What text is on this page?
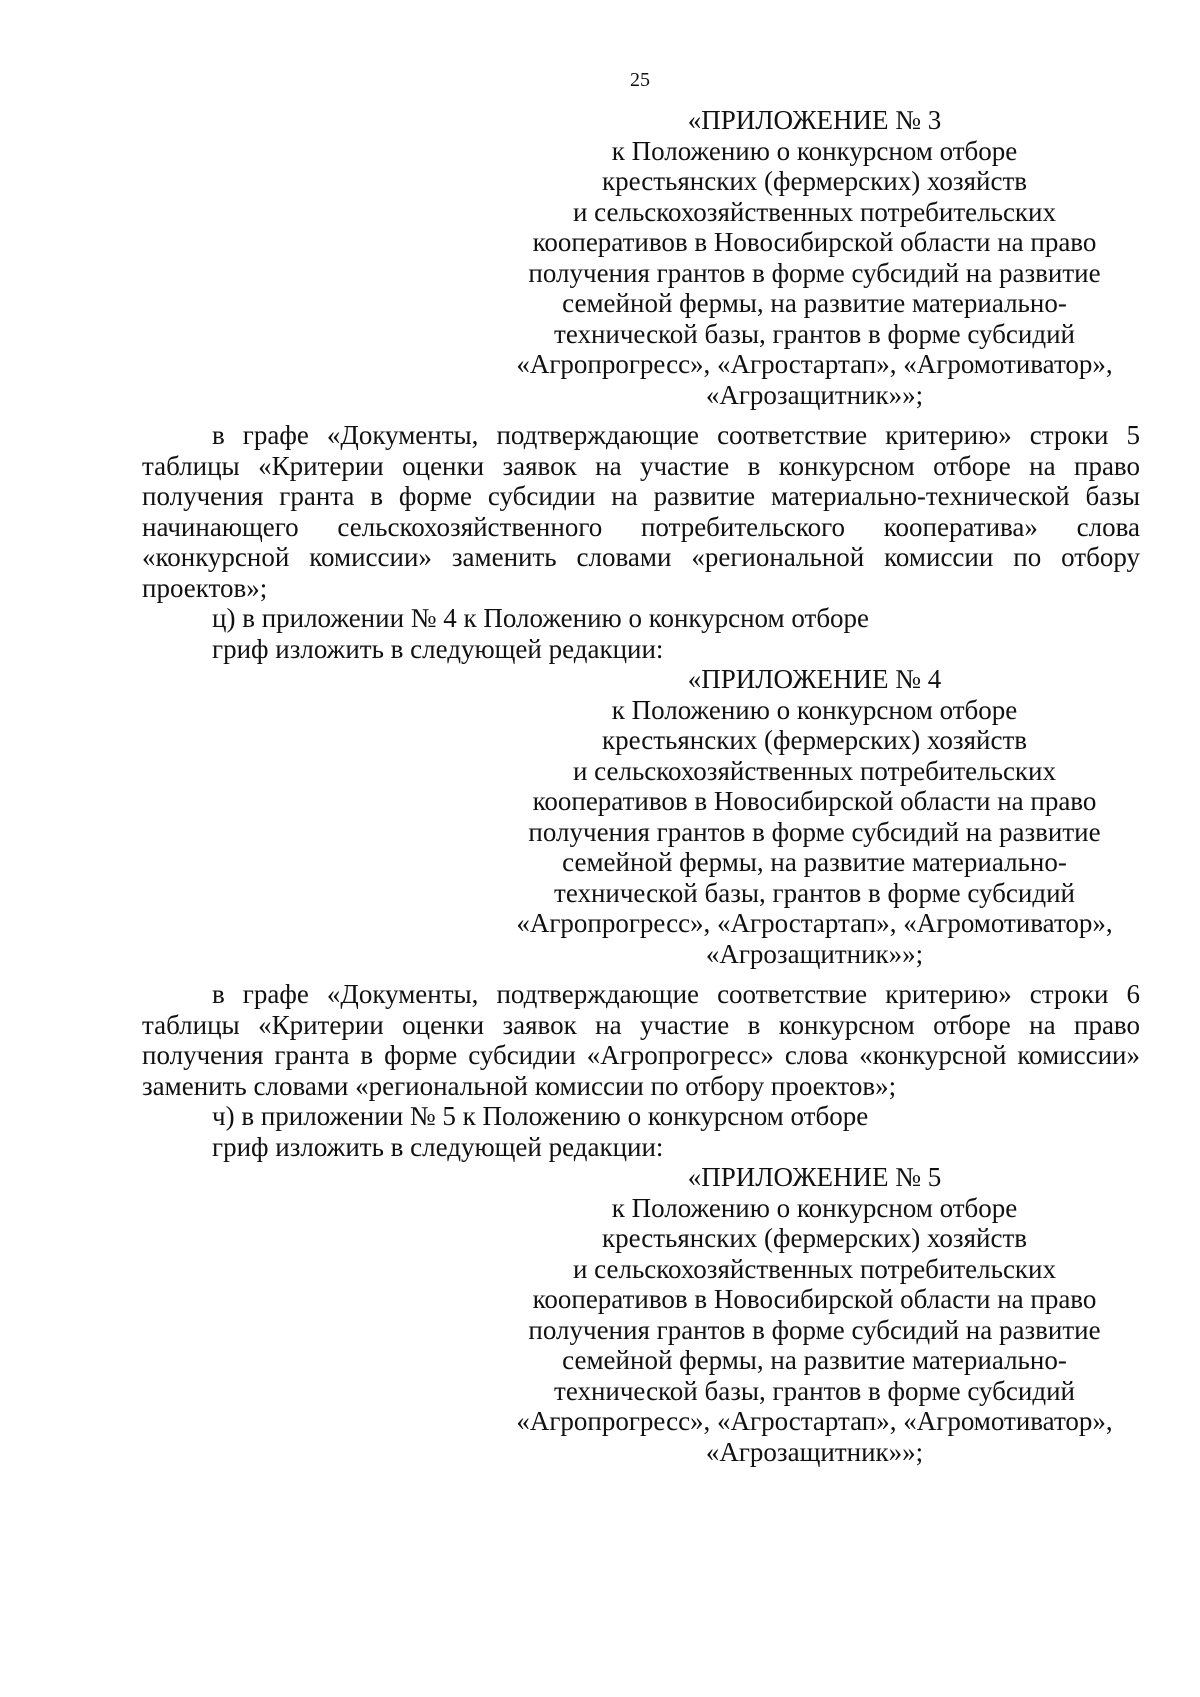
25
«ПРИЛОЖЕНИЕ № 3
к Положению о конкурсном отборе
крестьянских (фермерских) хозяйств
и сельскохозяйственных потребительских
кооперативов в Новосибирской области на право
получения грантов в форме субсидий на развитие
семейной фермы, на развитие материально-
технической базы, грантов в форме субсидий
«Агропрогресс», «Агростартап», «Агромотиватор»,
«Агрозащитник»»;
в графе «Документы, подтверждающие соответствие критерию» строки 5 таблицы «Критерии оценки заявок на участие в конкурсном отборе на право получения гранта в форме субсидии на развитие материально-технической базы начинающего сельскохозяйственного потребительского кооператива» слова «конкурсной комиссии» заменить словами «региональной комиссии по отбору проектов»;
ц) в приложении № 4 к Положению о конкурсном отборе
гриф изложить в следующей редакции:
«ПРИЛОЖЕНИЕ № 4
к Положению о конкурсном отборе
крестьянских (фермерских) хозяйств
и сельскохозяйственных потребительских
кооперативов в Новосибирской области на право
получения грантов в форме субсидий на развитие
семейной фермы, на развитие материально-
технической базы, грантов в форме субсидий
«Агропрогресс», «Агростартап», «Агромотиватор»,
«Агрозащитник»»;
в графе «Документы, подтверждающие соответствие критерию» строки 6 таблицы «Критерии оценки заявок на участие в конкурсном отборе на право получения гранта в форме субсидии «Агропрогресс» слова «конкурсной комиссии» заменить словами «региональной комиссии по отбору проектов»;
ч) в приложении № 5 к Положению о конкурсном отборе
гриф изложить в следующей редакции:
«ПРИЛОЖЕНИЕ № 5
к Положению о конкурсном отборе
крестьянских (фермерских) хозяйств
и сельскохозяйственных потребительских
кооперативов в Новосибирской области на право
получения грантов в форме субсидий на развитие
семейной фермы, на развитие материально-
технической базы, грантов в форме субсидий
«Агропрогресс», «Агростартап», «Агромотиватор»,
«Агрозащитник»»;
